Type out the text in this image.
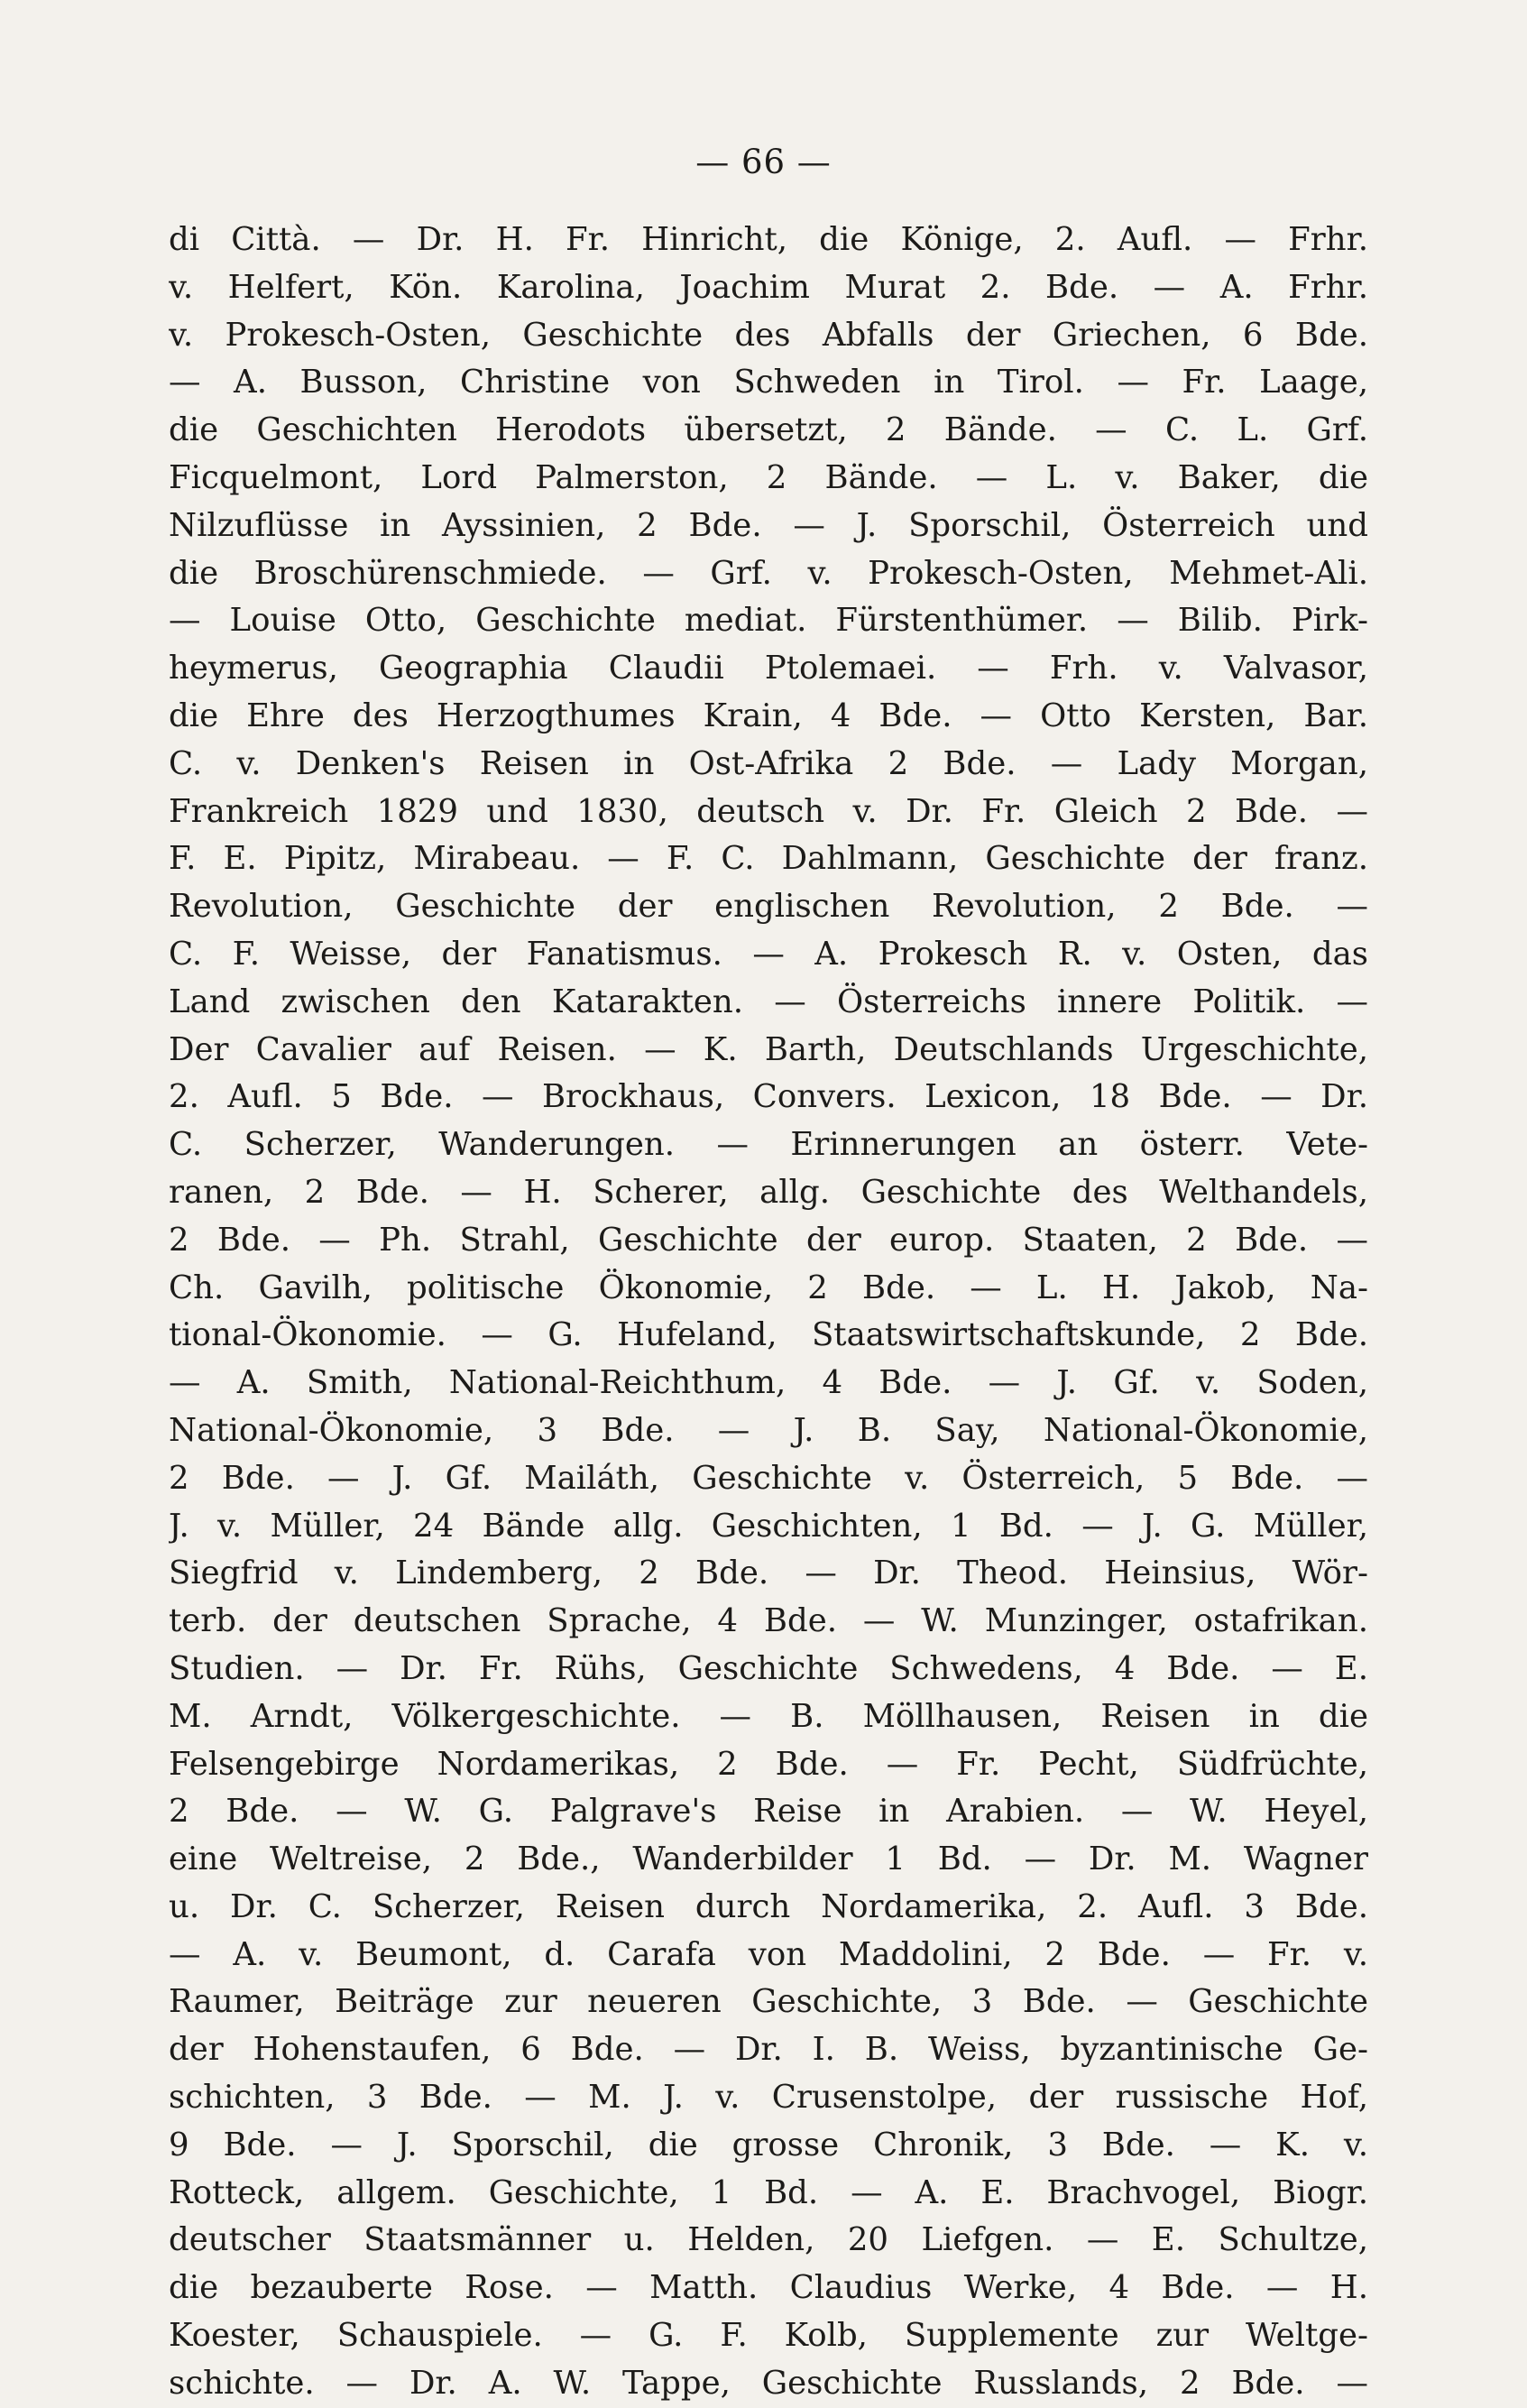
— 66 —
di Città. — Dr. H. Fr. Hinricht, die Könige, 2. Aufl. — Frhr.
v. Helfert, Kön. Karolina, Joachim Murat 2. Bde. — A. Frhr.
v. Prokesch-Osten, Geschichte des Abfalls der Griechen, 6 Bde.
— A. Busson, Christine von Schweden in Tirol. — Fr. Laage,
die Geschichten Herodots übersetzt, 2 Bände. — C. L. Grf.
Ficquelmont, Lord Palmerston, 2 Bände. — L. v. Baker, die
Nilzuflüsse in Ayssinien, 2 Bde. — J. Sporschil, Österreich und
die Broschürenschmiede. — Grf. v. Prokesch-Osten, Mehmet-Ali.
— Louise Otto, Geschichte mediat. Fürstenthümer. — Bilib. Pirk-
heymerus, Geographia Claudii Ptolemaei. — Frh. v. Valvasor,
die Ehre des Herzogthumes Krain, 4 Bde. — Otto Kersten, Bar.
C. v. Denken's Reisen in Ost-Afrika 2 Bde. — Lady Morgan,
Frankreich 1829 und 1830, deutsch v. Dr. Fr. Gleich 2 Bde. —
F. E. Pipitz, Mirabeau. — F. C. Dahlmann, Geschichte der franz.
Revolution, Geschichte der englischen Revolution, 2 Bde. —
C. F. Weisse, der Fanatismus. — A. Prokesch R. v. Osten, das
Land zwischen den Katarakten. — Österreichs innere Politik. —
Der Cavalier auf Reisen. — K. Barth, Deutschlands Urgeschichte,
2. Aufl. 5 Bde. — Brockhaus, Convers. Lexicon, 18 Bde. — Dr.
C. Scherzer, Wanderungen. — Erinnerungen an österr. Vete-
ranen, 2 Bde. — H. Scherer, allg. Geschichte des Welthandels,
2 Bde. — Ph. Strahl, Geschichte der europ. Staaten, 2 Bde. —
Ch. Gavilh, politische Ökonomie, 2 Bde. — L. H. Jakob, Na-
tional-Ökonomie. — G. Hufeland, Staatswirtschaftskunde, 2 Bde.
— A. Smith, National-Reichthum, 4 Bde. — J. Gf. v. Soden,
National-Ökonomie, 3 Bde. — J. B. Say, National-Ökonomie,
2 Bde. — J. Gf. Mailáth, Geschichte v. Österreich, 5 Bde. —
J. v. Müller, 24 Bände allg. Geschichten, 1 Bd. — J. G. Müller,
Siegfrid v. Lindemberg, 2 Bde. — Dr. Theod. Heinsius, Wör-
terb. der deutschen Sprache, 4 Bde. — W. Munzinger, ostafrikan.
Studien. — Dr. Fr. Rühs, Geschichte Schwedens, 4 Bde. — E.
M. Arndt, Völkergeschichte. — B. Möllhausen, Reisen in die
Felsengebirge Nordamerikas, 2 Bde. — Fr. Pecht, Südfrüchte,
2 Bde. — W. G. Palgrave's Reise in Arabien. — W. Heyel,
eine Weltreise, 2 Bde., Wanderbilder 1 Bd. — Dr. M. Wagner
u. Dr. C. Scherzer, Reisen durch Nordamerika, 2. Aufl. 3 Bde.
— A. v. Beumont, d. Carafa von Maddolini, 2 Bde. — Fr. v.
Raumer, Beiträge zur neueren Geschichte, 3 Bde. — Geschichte
der Hohenstaufen, 6 Bde. — Dr. I. B. Weiss, byzantinische Ge-
schichten, 3 Bde. — M. J. v. Crusenstolpe, der russische Hof,
9 Bde. — J. Sporschil, die grosse Chronik, 3 Bde. — K. v.
Rotteck, allgem. Geschichte, 1 Bd. — A. E. Brachvogel, Biogr.
deutscher Staatsmänner u. Helden, 20 Liefgen. — E. Schultze,
die bezauberte Rose. — Matth. Claudius Werke, 4 Bde. — H.
Koester, Schauspiele. — G. F. Kolb, Supplemente zur Weltge-
schichte. — Dr. A. W. Tappe, Geschichte Russlands, 2 Bde. —
